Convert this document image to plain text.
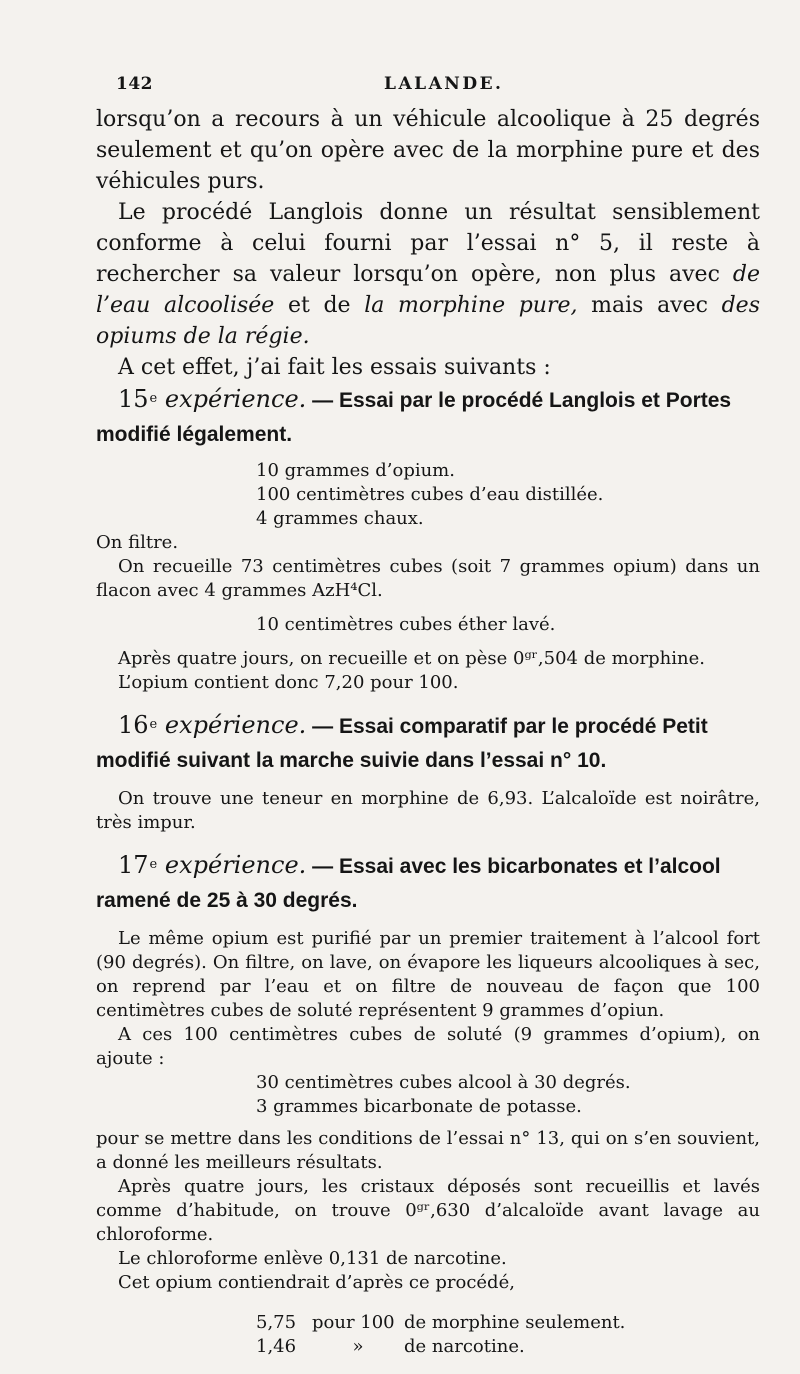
142	LALANDE.

lorsqu’on a recours à un véhicule alcoolique à 25 degrés seulement et qu’on opère avec de la morphine pure et des véhicules purs.

Le procédé Langlois donne un résultat sensiblement conforme à celui fourni par l’essai n° 5, il reste à rechercher sa valeur lorsqu’on opère, non plus avec de l’eau alcoolisée et de la morphine pure, mais avec des opiums de la régie.

A cet effet, j’ai fait les essais suivants :

15e expérience. — Essai par le procédé Langlois et Portes modifié légalement.

10 grammes d’opium.
100 centimètres cubes d’eau distillée.
4 grammes chaux.

On filtre.

On recueille 73 centimètres cubes (soit 7 grammes opium) dans un flacon avec 4 grammes AzH⁴Cl.

10 centimètres cubes éther lavé.

Après quatre jours, on recueille et on pèse 0ᵍʳ,504 de morphine.

L’opium contient donc 7,20 pour 100.

16e expérience. — Essai comparatif par le procédé Petit modifié suivant la marche suivie dans l’essai n° 10.

On trouve une teneur en morphine de 6,93. L’alcaloïde est noirâtre, très impur.

17e expérience. — Essai avec les bicarbonates et l’alcool ramené de 25 à 30 degrés.

Le même opium est purifié par un premier traitement à l’alcool fort (90 degrés). On filtre, on lave, on évapore les liqueurs alcooliques à sec, on reprend par l’eau et on filtre de nouveau de façon que 100 centimètres cubes de soluté représentent 9 grammes d’opiun.

A ces 100 centimètres cubes de soluté (9 grammes d’opium), on ajoute :

30 centimètres cubes alcool à 30 degrés.
3 grammes bicarbonate de potasse.

pour se mettre dans les conditions de l’essai n° 13, qui on s’en souvient, a donné les meilleurs résultats.

Après quatre jours, les cristaux déposés sont recueillis et lavés comme d’habitude, on trouve 0ᵍʳ,630 d’alcaloïde avant lavage au chloroforme.

Le chloroforme enlève 0,131 de narcotine.

Cet opium contiendrait d’après ce procédé,

5,75 pour 100 de morphine seulement.
1,46	»	de narcotine.
